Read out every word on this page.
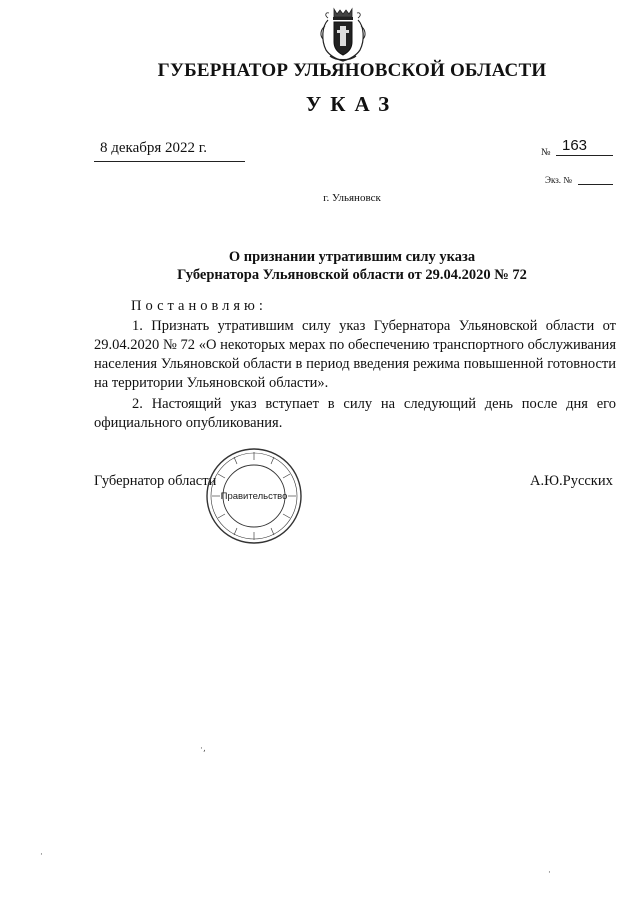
ГУБЕРНАТОР УЛЬЯНОВСКОЙ ОБЛАСТИ
УКАЗ
8 декабря 2022 г.	№ 163
Экз. №
г. Ульяновск
О признании утратившим силу указа
Губернатора Ульяновской области от 29.04.2020 № 72
Постановляю:

1. Признать утратившим силу указ Губернатора Ульяновской области от 29.04.2020 № 72 «О некоторых мерах по обеспечению транспортного обслуживания населения Ульяновской области в период введения режима повышенной готовности на территории Ульяновской области».

2. Настоящий указ вступает в силу на следующий день после дня его официального опубликования.

Губернатор области	А.Ю.Русских
Правительство
·‚
·
·
